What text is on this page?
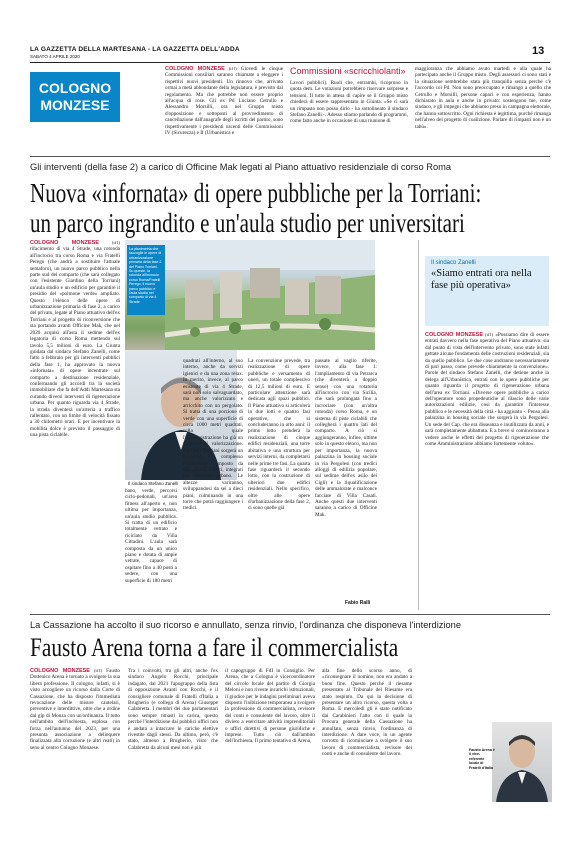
LA GAZZETTA DELLA MARTESANA - LA GAZZETTA DELL'ADDA
SABATO 4 APRILE 2020	13
COLOGNO
MONZESE
COLOGNO MONZESE (tf1) Giovedì le cinque Commissioni consiliari saranno chiamate a eleggere i rispettivi nuovi presidenti. Un rinnovo che, arrivato ormai a metà abbondante della legislatura, è previsto dal regolamento. Ma che potrebbe non essere proprio all'acqua di rose. Gli ex Pd Luciano Cetrullo e Alessandro Morsilli, ora nel Gruppo misto d'opposizione e sottoposti al provvedimento di cancellazione dall'anagrafe degli iscritti del partito, sono rispettivamente i presidenti uscenti delle Commissioni IV (Sicurezza) e II (Urbanistica e
Commissioni «scricchiolanti»
Lavori pubblici). Ruoli che, entrambi, ricoprono in quota dem. Le votazioni potrebbero riservare sorprese e tensioni. Il tutto in attesa di capire se il Gruppo misto chiederà di essere rappresentato in Giunta. «Se ci sarà un rimpasto non posso dirlo - ha sottolineato il sindaco Stefano Zanelli -. Adesso stiamo parlando di programmi, come fatto anche in occasione di una riunione di
maggioranza che abbiamo avuto martedì e alla quale ha partecipato anche il Gruppo misto. Degli assessori ci sono stati e la situazione sembrebbe stata più tranquilla senza perché c'è l'accordo col Pd. Non sono preoccupato e rimango a quello che Cetrullo e Morsilli, persone capaci e con esperienza, hanno dichiarato in aula e anche in privato: sostengono me, come sindaco, e gli impegni che abbiamo preso in campagna elettorale, che hanno sottoscritto. Ogni richiesta è legittima, purché rimanga nell'alveo del progetto di coalizione. Parlare di rimpasti non è un tabù».
Gli interventi (della fase 2) a carico di Officine Mak legati al Piano attuativo residenziale di corso Roma
Nuova «infornata» di opere pubbliche per la Torriani:
un parco ingrandito e un'aula studio per universitari
COLOGNO MONZESE	(tf1) rifacimento di via 4 Strade, una rotonda all'incrocio tra corso Roma e via Fratelli Perego (che andrà a sostituire l'attuale semaforo), un nuovo parco pubblico nella parte sud del comparto (che sarà collegato con l'esistente Giardino della Torriani) un'aula studio e un edificio per garantire il presidio del «polmone verde» ampliato. Questo l'elenco delle opere di urbanizzazione primaria di fase 2, a carico del privato, legate al Piano attuativo dell'ex Torriani e al progetto di riconversione che sta portando avanti Officine Mak, che nel 2020 acquisì all'asta il sedime dell'ex legatoria di corso Roma mettendo sul tavolo 5,5 milioni di euro. La Giunta guidata dal sindaco Stefano Zanelli, come fatto a febbraio per gli interventi pubblici della fase 1, ha approvato la nuova «infornata» di opere incentrate sul comparto a destinazione residenziale, confermando gli accordi tra la società immobiliare che fa dell'Addi Martesana sta curando diversi interventi di rigenerazione urbana. Per quanto riguarda via 4 Strade, la strada diventerà un'arteria a traffico rallentato, con un limite di velocità fissato a 30 chilometri orari. E per incentivare la mobilità dolce è previsto il passaggio di una pista ciclabile.
La planimetria che raccoglie le opere di urbanizzazione primaria della fase 2 del Piano Torriani. Su queste, la rotonda all'incrocio corso Roma/Fratelli Perego, il nuovo parco pubblico e l'aula studio nel comparto di via 4 Strade
Il sindaco Stefano Zanelli
bano, verde, percorsi ciclo-pedonali, un'area fitness all'aperto e, non ultima per importanza, un'aula studio pubblica. Si tratta di un edificio totalmente vetrato e riciclato da Villa Cittadini. L'aula sarà composta da un unico piano e dotata di ampie vetrate, capace di ospitare fino a 40 posti a sedere, con una superficie di 180 metri
quadrati all'interno, al suo interno, anche da servizi igienici e da una zona relax. In merito, invece, al parco esistente di via 4 Strade, sarà non solo salvaguardato, ma anche valorizzato e arricchito con un pergolato. Si tratta di una porzione di verde con una superficie di circa 1000 metri quadrati, sulla quale l'Amministrazione ha già un progetto di valorizzazione. Nell'area Torriani sorgerà un moderno complesso residenziale composto da otto piccoli edifici, integrati nel contesto urbano. Le altezze variranno, sviluppandosi da sei a dieci piani, culminando in una torre che potrà raggiungere i tredici.
La convenzione prevede, tra realizzazione di opere pubbliche e versamento di oneri, un totale complessivo di 12,5 milioni di euro. E particolare attenzione sarà dedicata agli spazi pubblici. Il Piano attuativo si articolerà in due lotti e quattro fasi operative, che si concluderanno in otto anni: il primo lotto prenderà la realizzazione di cinque edifici residenziali, una torre abitativa e una struttura per servizi interni, da completarsi nelle prime tre fasi. La quarta fase riguarderà il secondo lotto, con la costruzione di ulteriori due edifici residenziali. Nello specifico, oltre alle opere d'urbanizzazione della fase 2, ci sono quelle già
passate al vaglio riferite, invece, alla fase 1: l'ampliamento di via Petrarca (che diventerà a doppio senso) con una rotatoria all'incrocio con via Sicilia, che sarà prolungata fino a incrociare (con un'altra rotonda) corso Roma, e un sistema di piste ciclabili che collegherà i quattro lati del comparto. A ciò si aggiungeranno, infine, ultime solo in questo elenco, ma non per importanza, la nuova palazzina in housing sociale in via Pergolesi (con tredici alloggi di edilizia popolare, sul sedime dell'ex asilo dei Cigli) e la riqualificazione delle ammalorate e malconce facciate di Villa Casati. Anche questi due interventi saranno a carico di Officine Mak.
Fabio Ralli
Il sindaco Zanelli
«Siamo entrati ora nella fase più operativa»
COLOGNO MONZESE (tf1) «Possiamo dire di essere entrati davvero nella fase operativa del Piano attuativo: sia dal punto di vista dell'intervento privato, sono state infatti gettate alcune fondamenta delle costruzioni residenziali, sia da quello pubblico. Le due cose andranno necessariamente di pari passo, come prevede chiaramente la convenzione». Parole del sindaco Stefano Zanelli, che detiene anche la delega all'Urbanistica, entrati con le opere pubbliche per quanto riguarda il progetto di rigenerazione urbana dell'area ex Torriani. «Diverse opere pubbliche a carico dell'operatore sono propedeutiche al rilascio delle varie autorizzazioni edilizie, così da garantire l'interesse pubblico e le necessità della città - ha aggiunto -. Penso alla palazzina in housing sociale che sorgerà in via Pergolesi. Un sede del Cap. che era disseanza e inutilizzata da anni, e sarà completamente abbattuta. E a breve si cominceranno a vedere anche le effetti del progetto di rigenerazione che come Amministrazione abbiamo fortemente voluto».
La Cassazione ha accolto il suo ricorso e annullato, senza rinvio, l'ordinanza che disponeva l'interdizione
Fausto Arena torna a fare il commercialista
COLOGNO MONZESE (tf1) Fausto Dottenico Arena è tornato a svolgere la sua libera professione. Il cologno, infatti, si è visto accogliere un ricorso dalla Corte di Cassazione, che ha disposto l'immediata revocazione delle misure cautelari, preventive e interdittive, oltre che a ordine dal gip di Monza con un'ordinanza. Il tutto nell'ambito dell'inchiesta, esplosa con forza nell'autunno del 2023, per una presunta associazione a delinquere finalizzata alla corruzione (e altri reati) in seno al centro Cologno Monzese.
Tra i coinvolti, tra gli altri, anche l'ex sindaco Angelo Rocchi, principale indagato, dal 2021 l'apograppo della lista di opposizione Avanti con Rocchi, e il consigliere comunale di Fratelli d'Italia a Brugherio (e collega di Arena) Giuseppe Calabretta. I membri dei due parlamentari sono sempre rimasti in carica, questo perché l'interdizione dai pubblici uffici non è andata a intaccare le cariche elettive rivestite dagli stessi. Da ultimo, però, c'è stato, almeno a Brugherio, visto che Calabretta da alcuni mesi non è più
il capogruppo di FdI in Consiglio. Per Arena, che a Cologno è vicecoordinatore del circolo locale del partito di Giorgia Meloni e non riveste incarichi istituzionali, il giudice per le indagini preliminari aveva disposto l'inibizione temporanea a svolgere la professione di commercialista, revisore dei conti e consulente del lavoro, oltre il divieto a esercitare attività imprenditoriali o uffici direttivi di persone giuridiche e imprese. Tutto ciò dall'ambito dell'inchiesta. Il primo tentativo di Arena,
alla fine dello scorso anno, di «riconsegnare il nomino, non era andato a buon fine. Questo perché il riesame presentato al Tribunale del Riesame era stato respinto. Da qui la decisione di presentare un altro ricorso, questa volta a Roma. E mercoledì gli è stato notificato dai Carabinieri l'atto con il quale la Procura generale della Cassazione ha annullato, senza rinvio, l'ordinanza di interdizione. A dare voce, in un agente corrotto di ricominciare a svolgere il suo lavoro di commercialista, revisore dei conti e anche di consulente del lavoro.
Fausto Arena è il vice-referente locale di Fratelli d'Italia
